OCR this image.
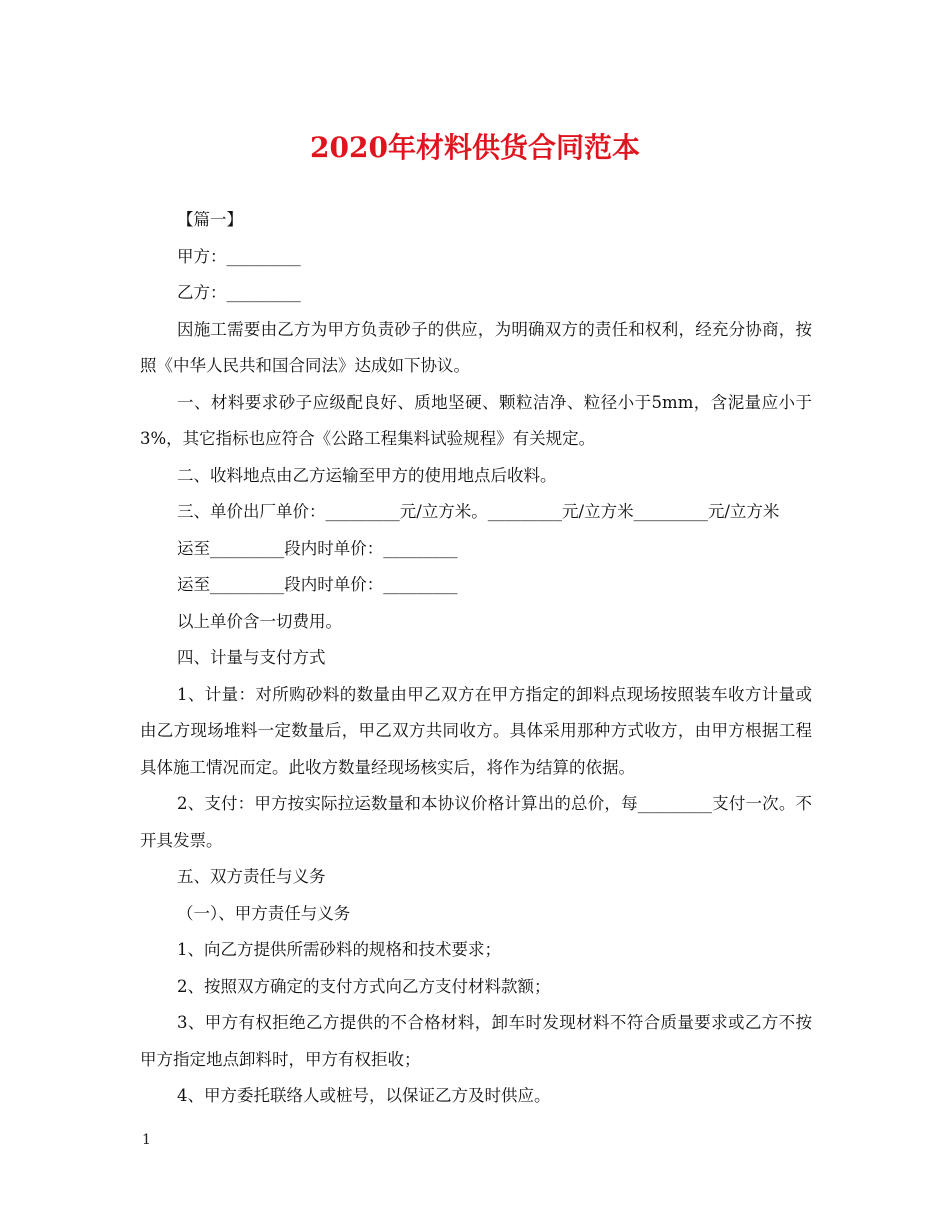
2020年材料供货合同范本

【篇一】

甲方：_________

乙方：_________

因施工需要由乙方为甲方负责砂子的供应，为明确双方的责任和权利，经充分协商，按照《中华人民共和国合同法》达成如下协议。

一、材料要求砂子应级配良好、质地坚硬、颗粒洁净、粒径小于5mm，含泥量应小于3%，其它指标也应符合《公路工程集料试验规程》有关规定。

二、收料地点由乙方运输至甲方的使用地点后收料。

三、单价出厂单价：_________元/立方米。_________元/立方米_________元/立方米

运至_________段内时单价：_________

运至_________段内时单价：_________

以上单价含一切费用。

四、计量与支付方式

1、计量：对所购砂料的数量由甲乙双方在甲方指定的卸料点现场按照装车收方计量或由乙方现场堆料一定数量后，甲乙双方共同收方。具体采用那种方式收方，由甲方根据工程具体施工情况而定。此收方数量经现场核实后，将作为结算的依据。

2、支付：甲方按实际拉运数量和本协议价格计算出的总价，每_________支付一次。不开具发票。

五、双方责任与义务

（一）、甲方责任与义务

1、向乙方提供所需砂料的规格和技术要求；

2、按照双方确定的支付方式向乙方支付材料款额；

3、甲方有权拒绝乙方提供的不合格材料，卸车时发现材料不符合质量要求或乙方不按甲方指定地点卸料时，甲方有权拒收；

4、甲方委托联络人或桩号，以保证乙方及时供应。

1
